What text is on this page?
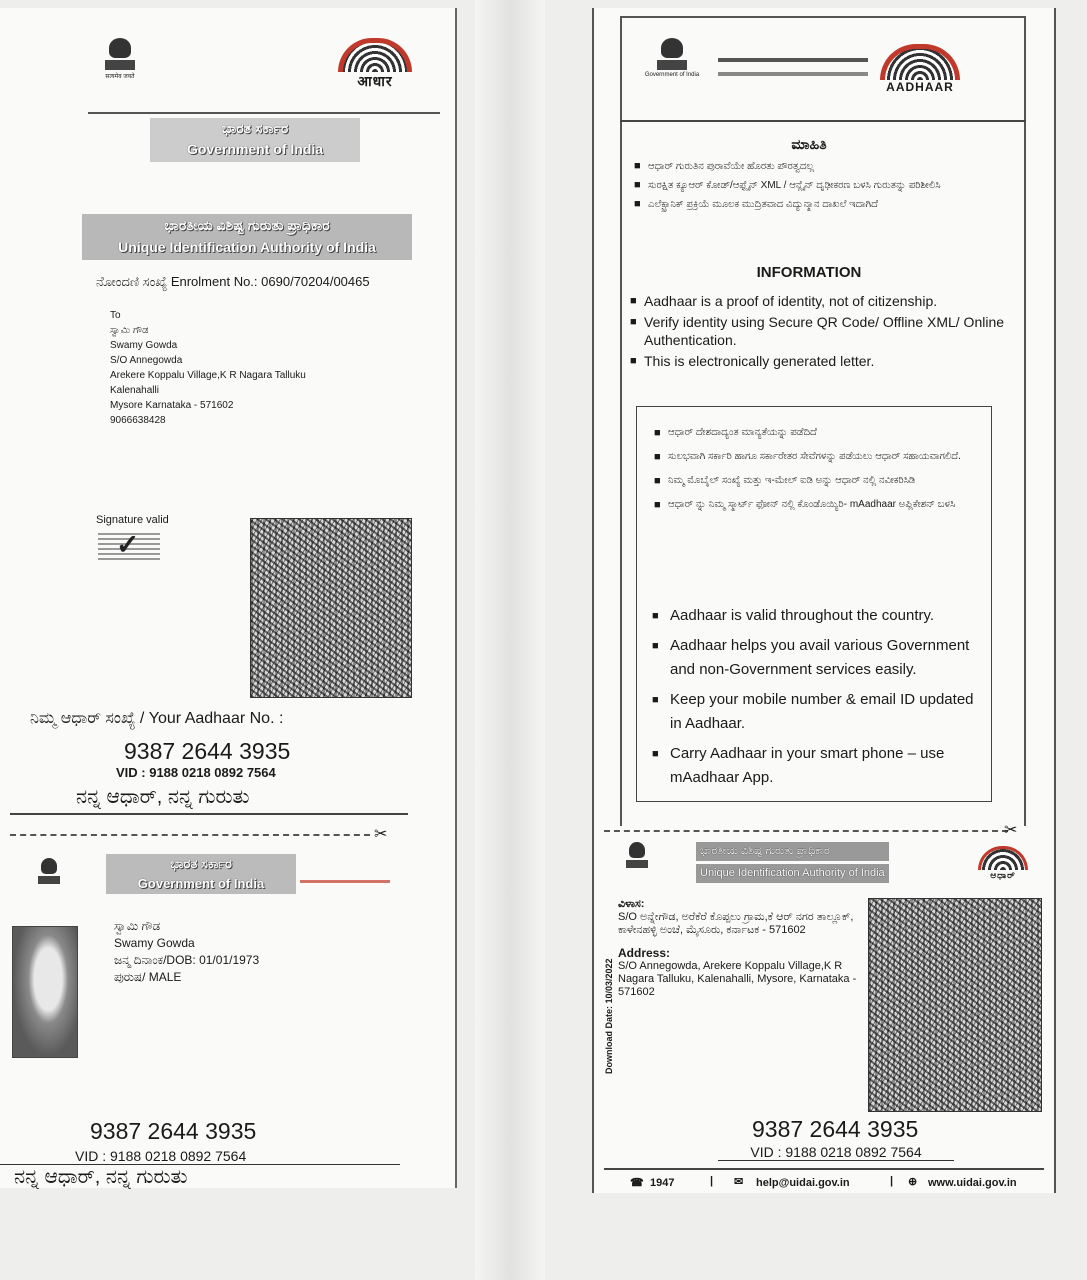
सत्यमेव जयते	आधार
ಭಾರತ ಸರ್ಕಾರ
Government of India
ಭಾರತೀಯ ವಿಶಿಷ್ಟ ಗುರುತು ಪ್ರಾಧಿಕಾರ
Unique Identification Authority of India
ನೋಂದಣಿ ಸಂಖ್ಯೆ Enrolment No.: 0690/70204/00465
To
ಸ್ವಾಮಿ ಗೌಡ
Swamy Gowda
S/O Annegowda
Arekere Koppalu Village,K R Nagara Talluku
Kalenahalli
Mysore Karnataka - 571602
9066638428
Signature valid
✓
ನಿಮ್ಮ ಆಧಾರ್ ಸಂಖ್ಯೆ / Your Aadhaar No. :
9387 2644 3935
VID : 9188 0218 0892 7564
ನನ್ನ ಆಧಾರ್, ನನ್ನ ಗುರುತು
✂
ಭಾರತ ಸರ್ಕಾರ
Government of India
ಸ್ವಾಮಿ ಗೌಡ
Swamy Gowda
ಜನ್ಮ ದಿನಾಂಕ/DOB: 01/01/1973
ಪುರುಷ/ MALE
9387 2644 3935
VID : 9188 0218 0892 7564
ನನ್ನ ಆಧಾರ್, ನನ್ನ ಗುರುತು
Government of India
AADHAAR
ಮಾಹಿತಿ
■ ಆಧಾರ್ ಗುರುತಿನ ಪುರಾವೆಯೇ ಹೊರತು ಪೌರತ್ವದಲ್ಲ
■ ಸುರಕ್ಷಿತ ಕ್ಯೂಆರ್ ಕೋಡ್/ಆಫ್ಲೈನ್ XML / ಆನ್ಲೈನ್ ದೃಢೀಕರಣ ಬಳಸಿ ಗುರುತನ್ನು ಪರಿಶೀಲಿಸಿ
■ ಎಲೆಕ್ಟ್ರಾನಿಕ್ ಪ್ರಕ್ರಿಯೆ ಮೂಲಕ ಮುದ್ರಿತವಾದ ವಿದ್ಯುನ್ಮಾನ ದಾಖಲೆ ಇದಾಗಿದೆ
INFORMATION
■ Aadhaar is a proof of identity, not of citizenship.
■ Verify identity using Secure QR Code/ Offline XML/ Online Authentication.
■ This is electronically generated letter.
■ ಆಧಾರ್ ದೇಶದಾದ್ಯಂತ ಮಾನ್ಯತೆಯನ್ನು ಪಡೆದಿದೆ
■ ಸುಲಭವಾಗಿ ಸರ್ಕಾರಿ ಹಾಗೂ ಸರ್ಕಾರೇತರ ಸೇವೆಗಳನ್ನು ಪಡೆಯಲು ಆಧಾರ್ ಸಹಾಯವಾಗಲಿದೆ.
■ ನಿಮ್ಮ ಮೊಬೈಲ್ ಸಂಖ್ಯೆ ಮತ್ತು ಇ-ಮೇಲ್ ಐಡಿ ಅನ್ನು ಆಧಾರ್ ನಲ್ಲಿ ನವೀಕರಿಸಿಡಿ
■ ಆಧಾರ್ ನ್ನು ನಿಮ್ಮ ಸ್ಮಾರ್ಟ್ ಫೋನ್ ನಲ್ಲಿ ಕೊಂಡೊಯ್ಯಿರಿ- mAadhaar ಅಪ್ಲಿಕೇಶನ್ ಬಳಸಿ
■ Aadhaar is valid throughout the country.
■ Aadhaar helps you avail various Government and non-Government services easily.
■ Keep your mobile number & email ID updated in Aadhaar.
■ Carry Aadhaar in your smart phone – use mAadhaar App.
✂
ಭಾರತೀಯ ವಿಶಿಷ್ಟ ಗುರುತು ಪ್ರಾಧಿಕಾರ
Unique Identification Authority of India	ಆಧಾರ್
Download Date: 10/03/2022
ವಿಳಾಸ:
S/O ಅನ್ನೇಗೌಡ, ಅರೆಕೆರೆ ಕೊಪ್ಪಲು ಗ್ರಾಮ,ಕೆ ಆರ್ ನಗರ ತಾಲ್ಲೂಕ್, ಕಾಳೇನಹಳ್ಳಿ ಅಂಚೆ, ಮೈಸೂರು, ಕರ್ನಾಟಕ - 571602
Address:
S/O Annegowda, Arekere Koppalu Village,K R Nagara Talluku, Kalenahalli, Mysore, Karnataka - 571602
9387 2644 3935
VID : 9188 0218 0892 7564
☎ 1947	| ✉ help@uidai.gov.in	| ⊕ www.uidai.gov.in
